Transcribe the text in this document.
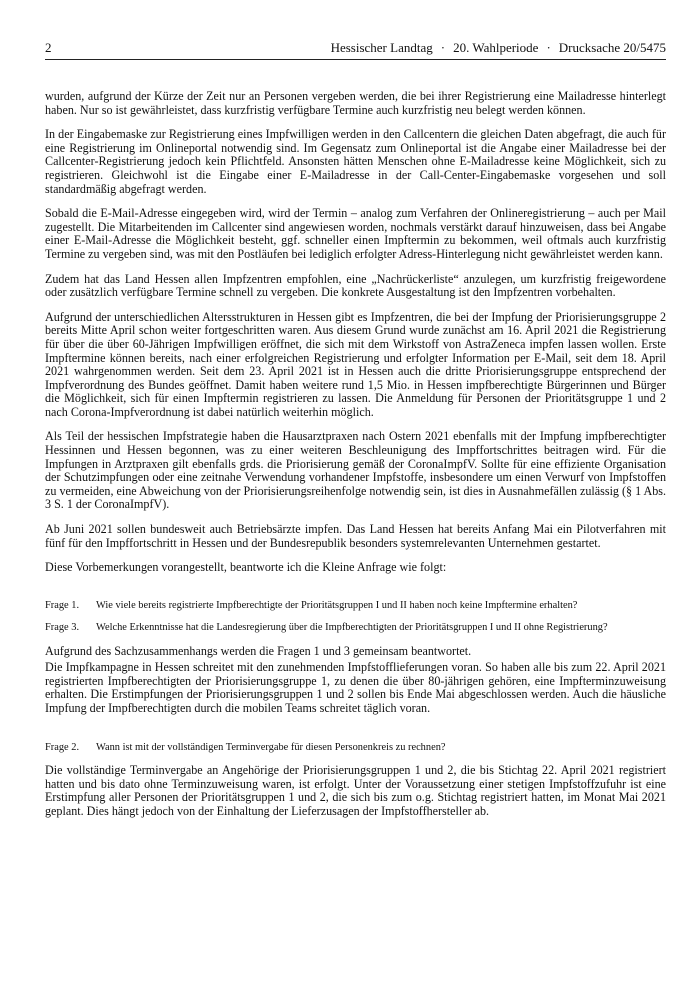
2	Hessischer Landtag · 20. Wahlperiode · Drucksache 20/5475

wurden, aufgrund der Kürze der Zeit nur an Personen vergeben werden, die bei ihrer Registrierung eine Mailadresse hinterlegt haben. Nur so ist gewährleistet, dass kurzfristig verfügbare Termine auch kurzfristig neu belegt werden können.

In der Eingabemaske zur Registrierung eines Impfwilligen werden in den Callcentern die gleichen Daten abgefragt, die auch für eine Registrierung im Onlineportal notwendig sind. Im Gegensatz zum Onlineportal ist die Angabe einer Mailadresse bei der Callcenter-Registrierung jedoch kein Pflichtfeld. Ansonsten hätten Menschen ohne E-Mailadresse keine Möglichkeit, sich zu registrieren. Gleichwohl ist die Eingabe einer E-Mailadresse in der Call-Center-Eingabemaske vorgesehen und soll standardmäßig abgefragt werden.

Sobald die E-Mail-Adresse eingegeben wird, wird der Termin – analog zum Verfahren der Onlineregistrierung – auch per Mail zugestellt. Die Mitarbeitenden im Callcenter sind angewiesen worden, nochmals verstärkt darauf hinzuweisen, dass bei Angabe einer E-Mail-Adresse die Möglichkeit besteht, ggf. schneller einen Impftermin zu bekommen, weil oftmals auch kurzfristig Termine zu vergeben sind, was mit den Postläufen bei lediglich erfolgter Adress-Hinterlegung nicht gewährleistet werden kann.

Zudem hat das Land Hessen allen Impfzentren empfohlen, eine „Nachrückerliste“ anzulegen, um kurzfristig freigewordene oder zusätzlich verfügbare Termine schnell zu vergeben. Die konkrete Ausgestaltung ist den Impfzentren vorbehalten.

Aufgrund der unterschiedlichen Altersstrukturen in Hessen gibt es Impfzentren, die bei der Impfung der Priorisierungsgruppe 2 bereits Mitte April schon weiter fortgeschritten waren. Aus diesem Grund wurde zunächst am 16. April 2021 die Registrierung für über die über 60-Jährigen Impfwilligen eröffnet, die sich mit dem Wirkstoff von AstraZeneca impfen lassen wollen. Erste Impftermine können bereits, nach einer erfolgreichen Registrierung und erfolgter Information per E-Mail, seit dem 18. April 2021 wahrgenommen werden. Seit dem 23. April 2021 ist in Hessen auch die dritte Priorisierungsgruppe entsprechend der Impfverordnung des Bundes geöffnet. Damit haben weitere rund 1,5 Mio. in Hessen impfberechtigte Bürgerinnen und Bürger die Möglichkeit, sich für einen Impftermin registrieren zu lassen. Die Anmeldung für Personen der Prioritätsgruppe 1 und 2 nach Corona-Impfverordnung ist dabei natürlich weiterhin möglich.

Als Teil der hessischen Impfstrategie haben die Hausarztpraxen nach Ostern 2021 ebenfalls mit der Impfung impfberechtigter Hessinnen und Hessen begonnen, was zu einer weiteren Beschleunigung des Impffortschrittes beitragen wird. Für die Impfungen in Arztpraxen gilt ebenfalls grds. die Priorisierung gemäß der CoronaImpfV. Sollte für eine effiziente Organisation der Schutzimpfungen oder eine zeitnahe Verwendung vorhandener Impfstoffe, insbesondere um einen Verwurf von Impfstoffen zu vermeiden, eine Abweichung von der Priorisierungsreihenfolge notwendig sein, ist dies in Ausnahmefällen zulässig (§ 1 Abs. 3 S. 1 der CoronaImpfV).

Ab Juni 2021 sollen bundesweit auch Betriebsärzte impfen. Das Land Hessen hat bereits Anfang Mai ein Pilotverfahren mit fünf für den Impffortschritt in Hessen und der Bundesrepublik besonders systemrelevanten Unternehmen gestartet.

Diese Vorbemerkungen vorangestellt, beantworte ich die Kleine Anfrage wie folgt:

Frage 1.	Wie viele bereits registrierte Impfberechtigte der Prioritätsgruppen I und II haben noch keine Impftermine erhalten?
Frage 3.	Welche Erkenntnisse hat die Landesregierung über die Impfberechtigten der Prioritätsgruppen I und II ohne Registrierung?

Aufgrund des Sachzusammenhangs werden die Fragen 1 und 3 gemeinsam beantwortet.

Die Impfkampagne in Hessen schreitet mit den zunehmenden Impfstofflieferungen voran. So haben alle bis zum 22. April 2021 registrierten Impfberechtigten der Priorisierungsgruppe 1, zu denen die über 80-jährigen gehören, eine Impfterminzuweisung erhalten. Die Erstimpfungen der Priorisierungsgruppen 1 und 2 sollen bis Ende Mai abgeschlossen werden. Auch die häusliche Impfung der Impfberechtigten durch die mobilen Teams schreitet täglich voran.

Frage 2.	Wann ist mit der vollständigen Terminvergabe für diesen Personenkreis zu rechnen?

Die vollständige Terminvergabe an Angehörige der Priorisierungsgruppen 1 und 2, die bis Stichtag 22. April 2021 registriert hatten und bis dato ohne Terminzuweisung waren, ist erfolgt. Unter der Voraussetzung einer stetigen Impfstoffzufuhr ist eine Erstimpfung aller Personen der Prioritätsgruppen 1 und 2, die sich bis zum o.g. Stichtag registriert hatten, im Monat Mai 2021 geplant. Dies hängt jedoch von der Einhaltung der Lieferzusagen der Impfstoffhersteller ab.
